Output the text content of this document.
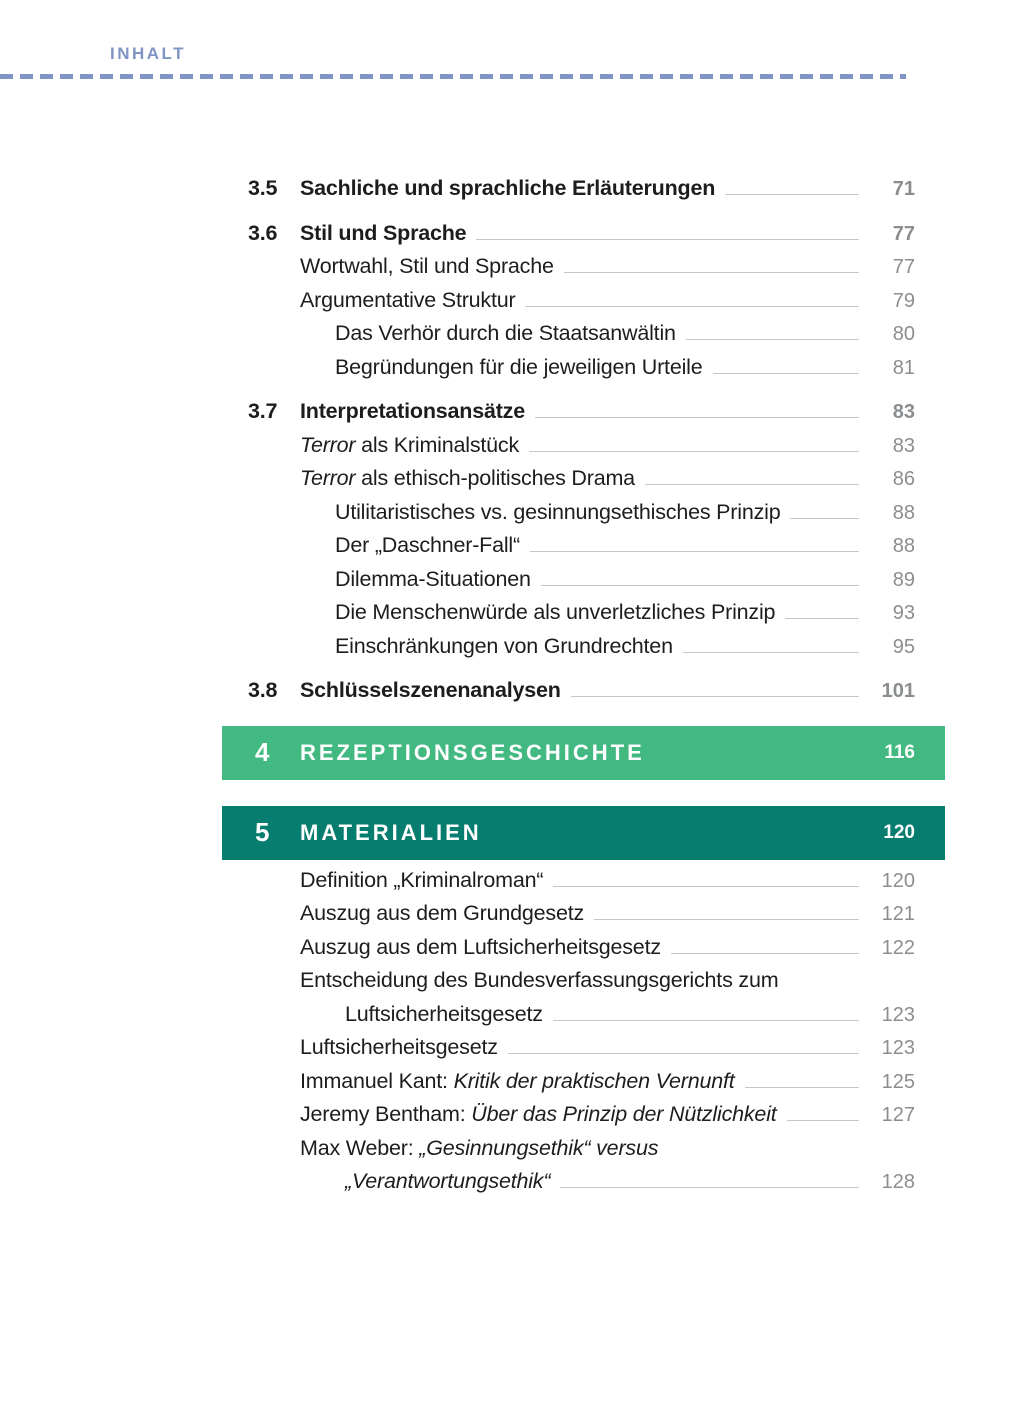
INHALT
3.5	Sachliche und sprachliche Erläuterungen	71
3.6	Stil und Sprache	77
Wortwahl, Stil und Sprache	77
Argumentative Struktur	79
Das Verhör durch die Staatsanwältin	80
Begründungen für die jeweiligen Urteile	81
3.7	Interpretationsansätze	83
Terror als Kriminalstück	83
Terror als ethisch-politisches Drama	86
Utilitaristisches vs. gesinnungsethisches Prinzip	88
Der „Daschner-Fall“	88
Dilemma-Situationen	89
Die Menschenwürde als unverletzliches Prinzip	93
Einschränkungen von Grundrechten	95
3.8	Schlüsselszenenanalysen	101
4	REZEPTIONSGESCHICHTE	116
5	MATERIALIEN	120
Definition „Kriminalroman“	120
Auszug aus dem Grundgesetz	121
Auszug aus dem Luftsicherheitsgesetz	122
Entscheidung des Bundesverfassungsgerichts zum
Luftsicherheitsgesetz	123
Luftsicherheitsgesetz	123
Immanuel Kant: Kritik der praktischen Vernunft	125
Jeremy Bentham: Über das Prinzip der Nützlichkeit	127
Max Weber: „Gesinnungsethik“ versus
„Verantwortungsethik“	128
